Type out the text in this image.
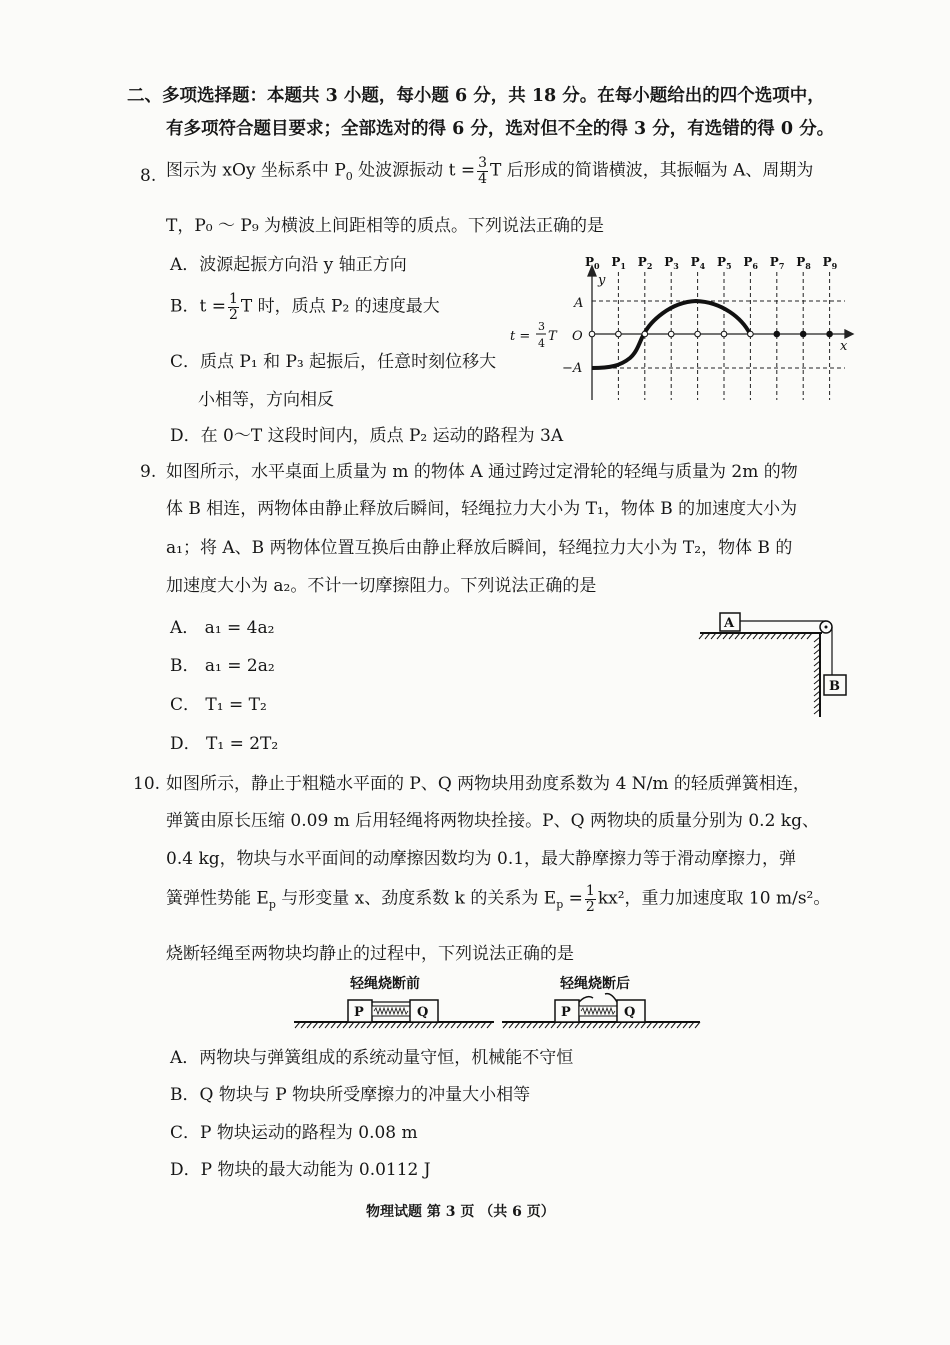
二、多项选择题：本题共 3 小题，每小题 6 分，共 18 分。在每小题给出的四个选项中，
有多项符合题目要求；全部选对的得 6 分，选对但不全的得 3 分，有选错的得 0 分。
8. 图示为 xOy 坐标系中 $P_0$ 处波源振动 $t = \frac{3}{4}$ T 后形成的简谐横波，其振幅为 A、周期为
T，P₀ ～ P₉ 为横波上间距相等的质点。下列说法正确的是
A．波源起振方向沿 y 轴正方向
B．$t = \frac{1}{2}$ T 时，质点 P₂ 的速度最大
C．质点 P₁ 和 P₃ 起振后，任意时刻位移大
小相等，方向相反
D．在 0～T 这段时间内，质点 P₂ 运动的路程为 3A
$P_0$ $P_1$ $P_2$ $P_3$ $P_4$ $P_5$ $P_6$ $P_7$ $P_8$ $P_9$
y
x
O
A
−A
t =
3
4 T
9. 如图所示，水平桌面上质量为 m 的物体 A 通过跨过定滑轮的轻绳与质量为 2m 的物
体 B 相连，两物体由静止释放后瞬间，轻绳拉力大小为 T₁，物体 B 的加速度大小为
a₁；将 A、B 两物体位置互换后由静止释放后瞬间，轻绳拉力大小为 T₂，物体 B 的
加速度大小为 a₂。不计一切摩擦阻力。下列说法正确的是
A． a₁ = 4a₂
B． a₁ = 2a₂
C． T₁ = T₂
D． T₁ = 2T₂
A
B
10. 如图所示，静止于粗糙水平面的 P、Q 两物块用劲度系数为 4 N/m 的轻质弹簧相连，
弹簧由原长压缩 0.09 m 后用轻绳将两物块拴接。P、Q 两物块的质量分别为 0.2 kg、
0.4 kg，物块与水平面间的动摩擦因数均为 0.1，最大静摩擦力等于滑动摩擦力，弹
簧弹性势能 $E_p$ 与形变量 x、劲度系数 k 的关系为 $E_p = \frac{1}{2} kx^2$，重力加速度取 10 m/s²。
烧断轻绳至两物块均静止的过程中，下列说法正确的是
轻绳烧断前	轻绳烧断后
P	Q	P	Q
A．两物块与弹簧组成的系统动量守恒，机械能不守恒
B．Q 物块与 P 物块所受摩擦力的冲量大小相等
C．P 物块运动的路程为 0.08 m
D．P 物块的最大动能为 0.0112 J
物理试题 第 3 页 （共 6 页）
